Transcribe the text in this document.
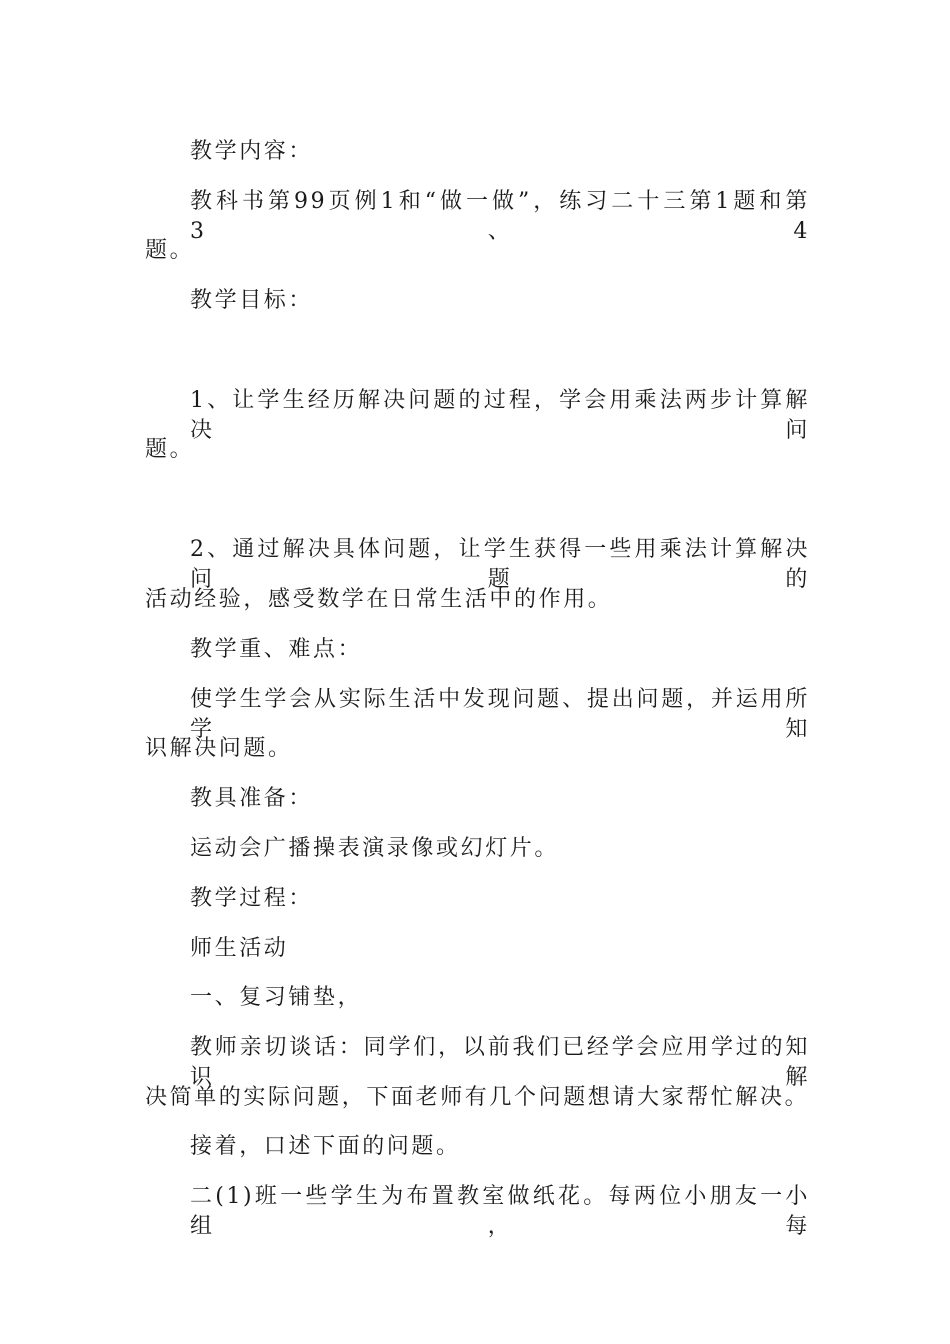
教学内容：
教科书第99页例1和“做一做”，练习二十三第1题和第3、4
题。
教学目标：
1、让学生经历解决问题的过程，学会用乘法两步计算解决问
题。
2、通过解决具体问题，让学生获得一些用乘法计算解决问题的
活动经验，感受数学在日常生活中的作用。
教学重、难点：
使学生学会从实际生活中发现问题、提出问题，并运用所学知
识解决问题。
教具准备：
运动会广播操表演录像或幻灯片。
教学过程：
师生活动
一、复习铺垫，
教师亲切谈话：同学们，以前我们已经学会应用学过的知识解
决简单的实际问题，下面老师有几个问题想请大家帮忙解决。
接着，口述下面的问题。
二(1)班一些学生为布置教室做纸花。每两位小朋友一小组，每
